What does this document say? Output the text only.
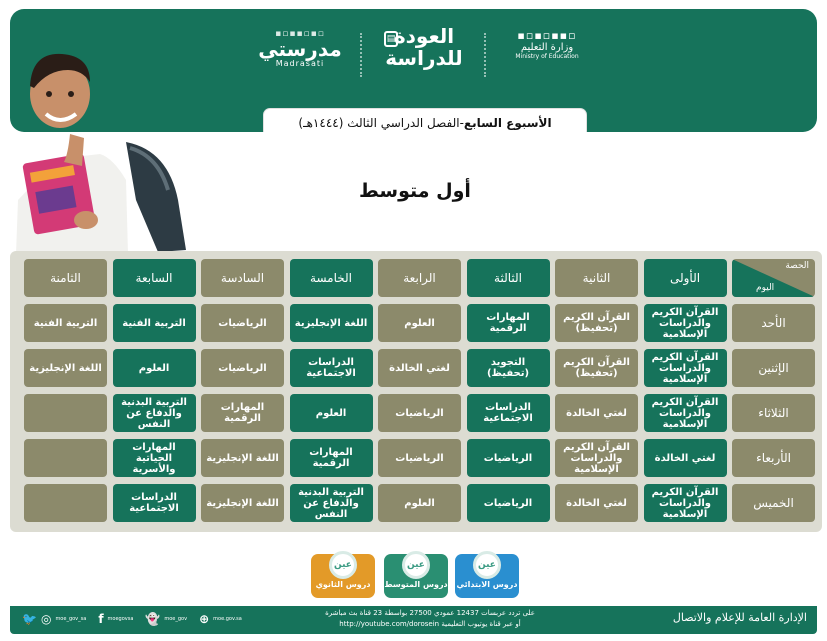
▪▫▪▪▫▪▫
مدرستي
Madrasati
▤
العودة
للدراسة
▪▫▪▫▪▪▫
وزارة التعليم
Ministry of Education
الأسبوع السابع
-
الفصل الدراسي الثالث (١٤٤٤هـ)
أول متوسط
الحصة
اليوم
الأولى
الثانية
الثالثة
الرابعة
الخامسة
السادسة
السابعة
الثامنة
الأحد
القرآن الكريم والدراسات الإسلامية
القرآن الكريم (تحفيظ)
المهارات الرقمية
العلوم
اللغة الإنجليزية
الرياضيات
التربية الفنية
التربية الفنية
الإثنين
القرآن الكريم والدراسات الإسلامية
القرآن الكريم (تحفيظ)
التجويد (تحفيظ)
لغتي الخالدة
الدراسات الاجتماعية
الرياضيات
العلوم
اللغة الإنجليزية
الثلاثاء
القرآن الكريم والدراسات الإسلامية
لغتي الخالدة
الدراسات الاجتماعية
الرياضيات
العلوم
المهارات الرقمية
التربية البدنية والدفاع عن النفس
الأربعاء
لغتي الخالدة
القرآن الكريم والدراسات الإسلامية
الرياضيات
الرياضيات
المهارات الرقمية
اللغة الإنجليزية
المهارات الحياتية والأسرية
الخميس
القرآن الكريم والدراسات الإسلامية
لغتي الخالدة
الرياضيات
العلوم
التربية البدنية والدفاع عن النفس
اللغة الإنجليزية
الدراسات الاجتماعية
عين
دروس الثانوي
عين
دروس المتوسط
عين
دروس الابتدائي
🐦 ◎ moe_gov_sa f moegovsa 👻 moe_gov ⊕ moe.gov.sa
على تردد عربسات 12437 عمودي 27500 بواسطة 23 قناة بث مباشرة
أو عبر قناة يوتيوب التعليمية http://youtube.com/dorosein	الإدارة العامة للإعلام والاتصال
